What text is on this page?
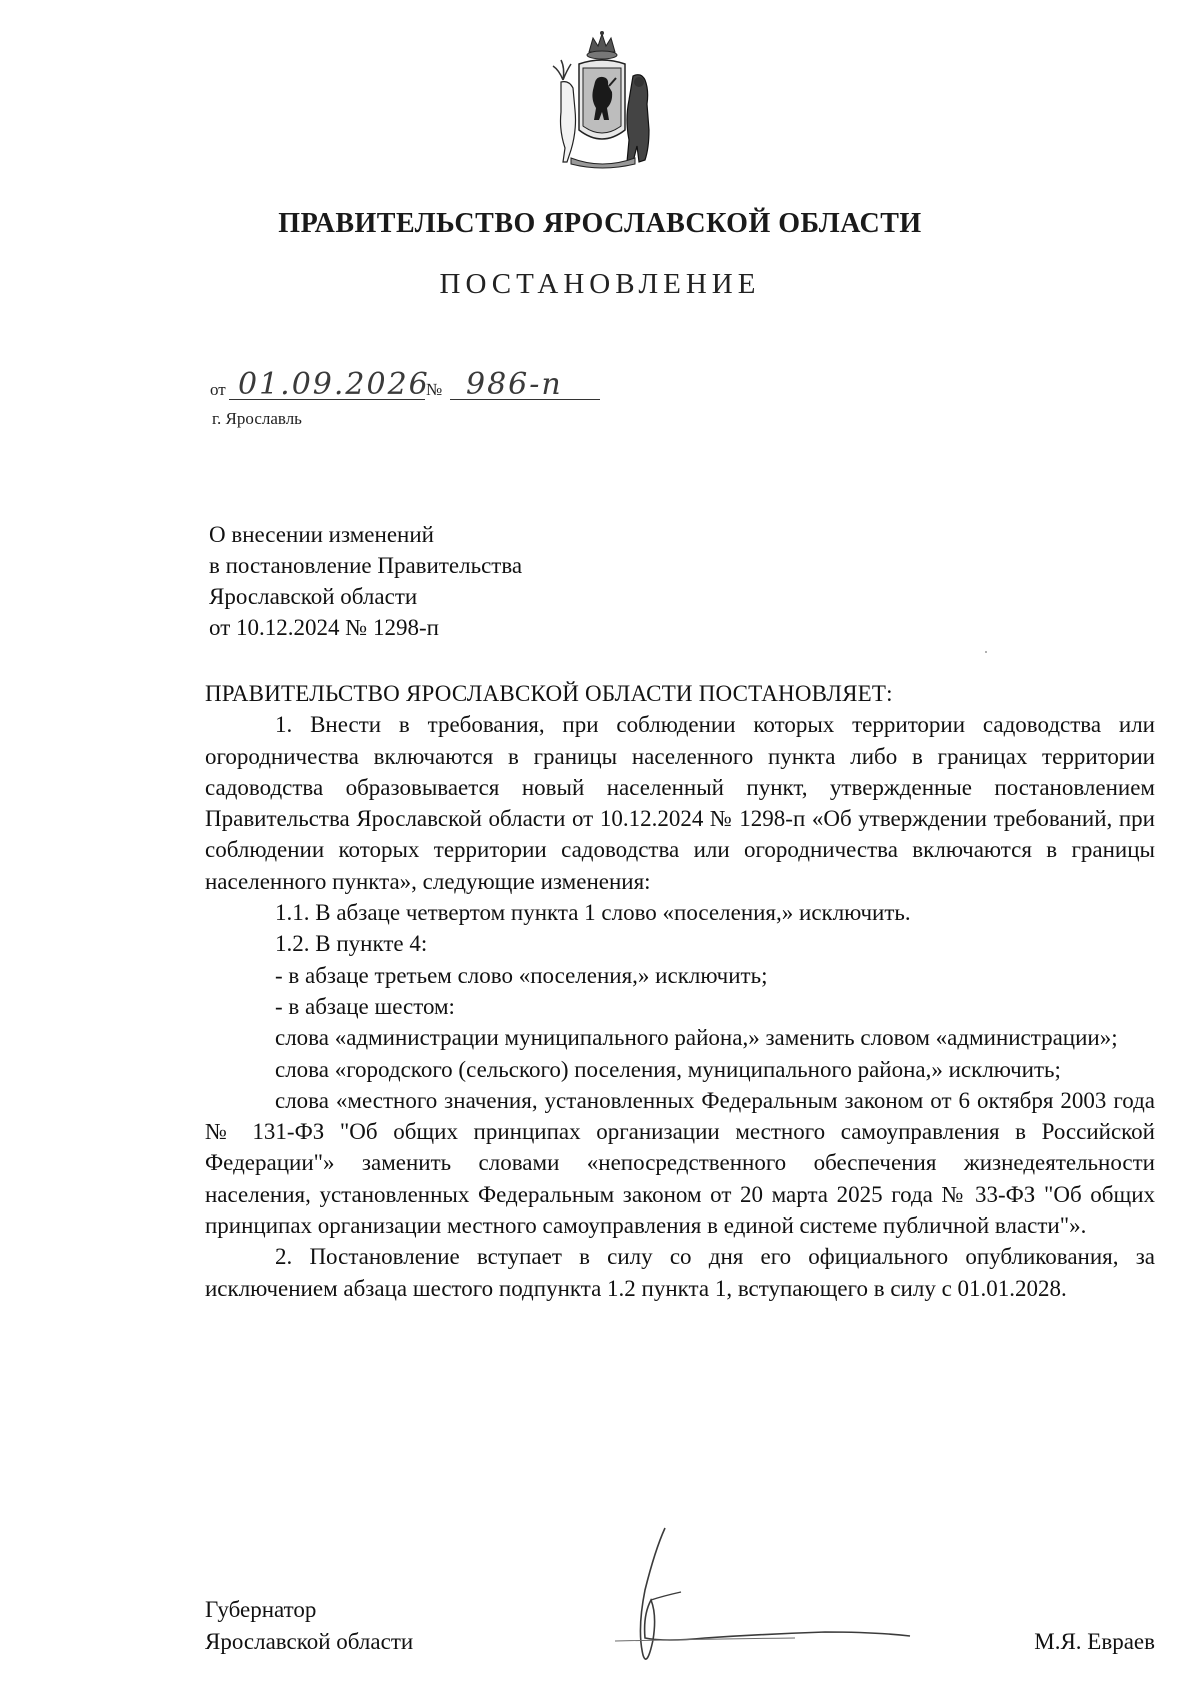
ПРАВИТЕЛЬСТВО ЯРОСЛАВСКОЙ ОБЛАСТИ
ПОСТАНОВЛЕНИЕ
от 01.09.2026
№ 986-п
г. Ярославль
О внесении изменений
в постановление Правительства
Ярославской области
от 10.12.2024 № 1298-п

ПРАВИТЕЛЬСТВО ЯРОСЛАВСКОЙ ОБЛАСТИ ПОСТАНОВЛЯЕТ:

1. Внести в требования, при соблюдении которых территории садоводства или огородничества включаются в границы населенного пункта либо в границах территории садоводства образовывается новый населенный пункт, утвержденные постановлением Правительства Ярославской области от 10.12.2024 № 1298-п «Об утверждении требований, при соблюдении которых территории садоводства или огородничества включаются в границы населенного пункта», следующие изменения:

1.1. В абзаце четвертом пункта 1 слово «поселения,» исключить.

1.2. В пункте 4:

- в абзаце третьем слово «поселения,» исключить;

- в абзаце шестом:

слова «администрации муниципального района,» заменить словом «администрации»;

слова «городского (сельского) поселения, муниципального района,» исключить;

слова «местного значения, установленных Федеральным законом от 6 октября 2003 года № 131-ФЗ "Об общих принципах организации местного самоуправления в Российской Федерации"» заменить словами «непосредственного обеспечения жизнедеятельности населения, установленных Федеральным законом от 20 марта 2025 года № 33-ФЗ "Об общих принципах организации местного самоуправления в единой системе публичной власти"».

2. Постановление вступает в силу со дня его официального опубликования, за исключением абзаца шестого подпункта 1.2 пункта 1, вступающего в силу с 01.01.2028.

Губернатор
Ярославской области	М.Я. Евраев
